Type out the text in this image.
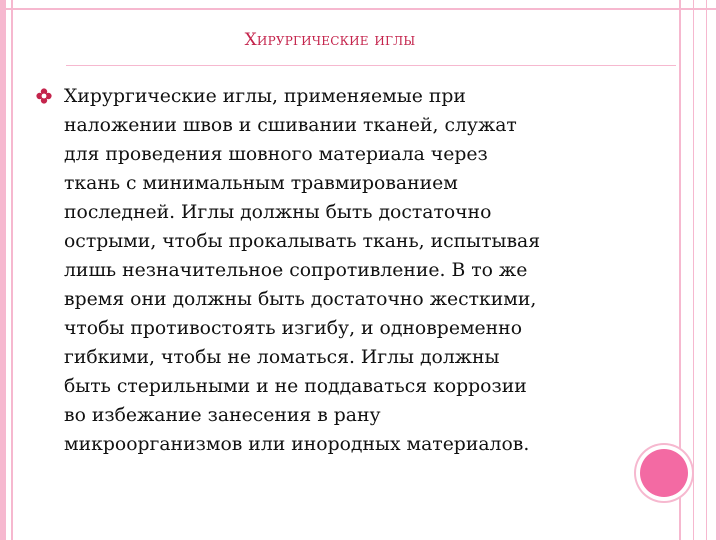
Хирургические иглы
Хирургические иглы, применяемые при
наложении швов и сшивании тканей, служат
для проведения шовного материала через
ткань с минимальным травмированием
последней. Иглы должны быть достаточно
острыми, чтобы прокалывать ткань, испытывая
лишь незначительное сопротивление. В то же
время они должны быть достаточно жесткими,
чтобы противостоять изгибу, и одновременно
гибкими, чтобы не ломаться. Иглы должны
быть стерильными и не поддаваться коррозии
во избежание занесения в рану
микроорганизмов или инородных материалов.
